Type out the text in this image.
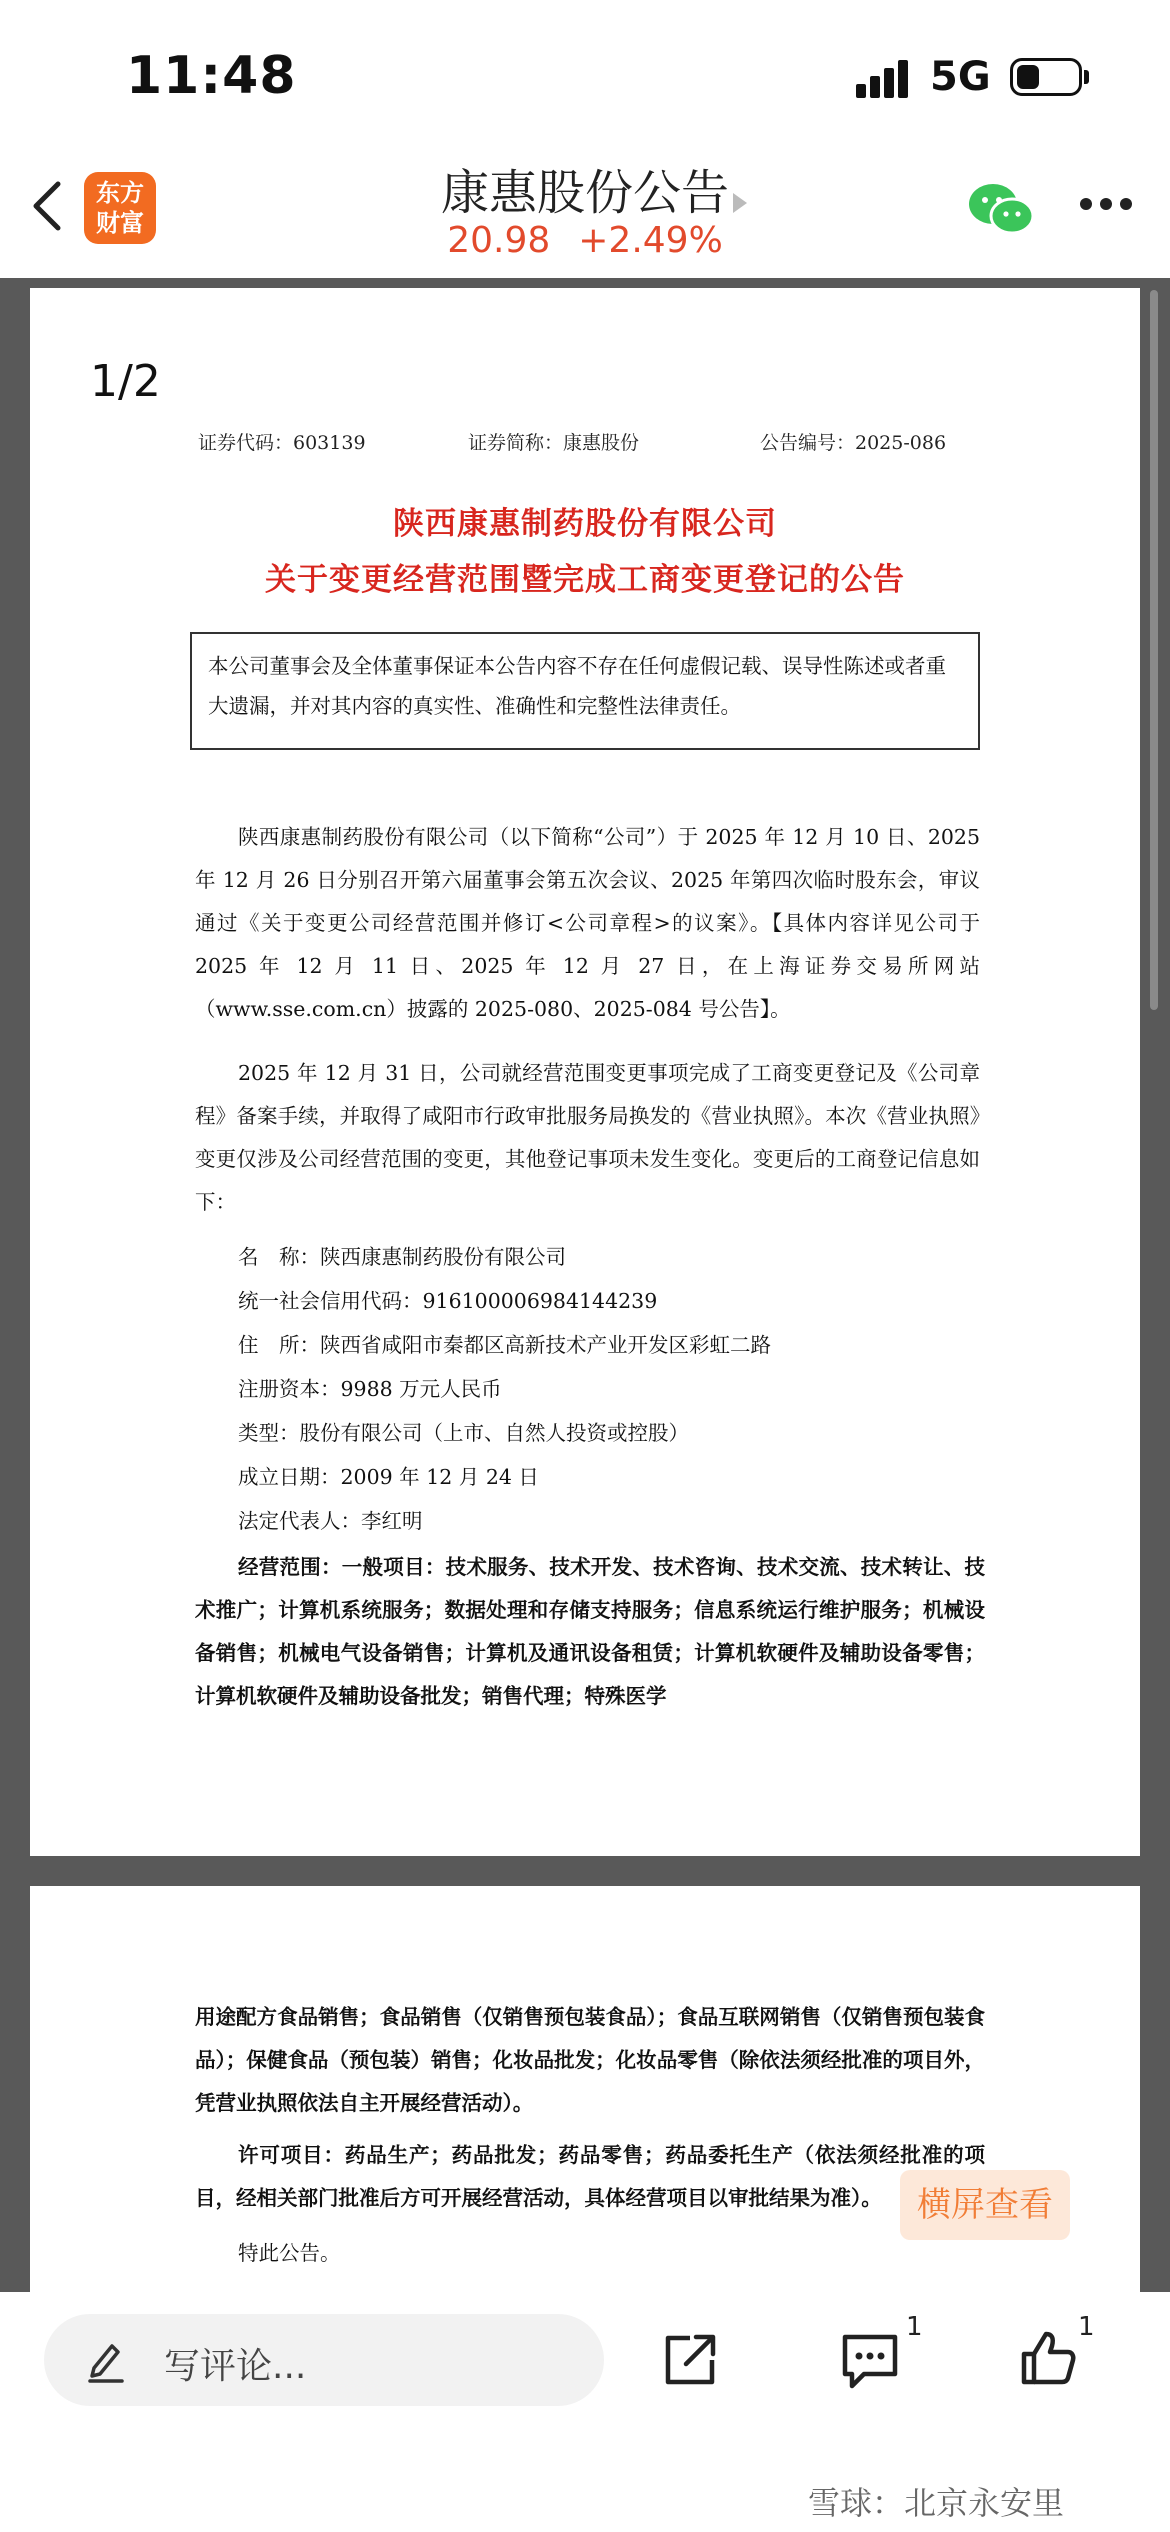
11:48	5G
东方
财富
康惠股份公告
20.98 +2.49%
1/2
证券代码：603139	证券简称：康惠股份	公告编号：2025-086
陕西康惠制药股份有限公司
关于变更经营范围暨完成工商变更登记的公告
本公司董事会及全体董事保证本公告内容不存在任何虚假记载、误导性陈述或者重大遗漏，并对其内容的真实性、准确性和完整性法律责任。
陕西康惠制药股份有限公司（以下简称“公司”）于 2025 年 12 月 10 日、2025 年 12 月 26 日分别召开第六届董事会第五次会议、2025 年第四次临时股东会，审议通过《关于变更公司经营范围并修订<公司章程>的议案》。【具体内容详见公司于 2025 年 12 月 11 日、2025 年 12 月 27 日，在上海证券交易所网站（www.sse.com.cn）披露的 2025-080、2025-084 号公告】。
2025 年 12 月 31 日，公司就经营范围变更事项完成了工商变更登记及《公司章程》备案手续，并取得了咸阳市行政审批服务局换发的《营业执照》。本次《营业执照》变更仅涉及公司经营范围的变更，其他登记事项未发生变化。变更后的工商登记信息如下：
名　称：陕西康惠制药股份有限公司
统一社会信用代码：916100006984144239
住　所：陕西省咸阳市秦都区高新技术产业开发区彩虹二路
注册资本：9988 万元人民币
类型：股份有限公司（上市、自然人投资或控股）
成立日期：2009 年 12 月 24 日
法定代表人：李红明
经营范围：一般项目：技术服务、技术开发、技术咨询、技术交流、技术转让、技术推广；计算机系统服务；数据处理和存储支持服务；信息系统运行维护服务；机械设备销售；机械电气设备销售；计算机及通讯设备租赁；计算机软硬件及辅助设备零售；计算机软硬件及辅助设备批发；销售代理；特殊医学
用途配方食品销售；食品销售（仅销售预包装食品）；食品互联网销售（仅销售预包装食品）；保健食品（预包装）销售；化妆品批发；化妆品零售（除依法须经批准的项目外，凭营业执照依法自主开展经营活动）。
许可项目：药品生产；药品批发；药品零售；药品委托生产（依法须经批准的项目，经相关部门批准后方可开展经营活动，具体经营项目以审批结果为准）。
特此公告。
横屏查看
写评论...
1	1
雪球：北京永安里
